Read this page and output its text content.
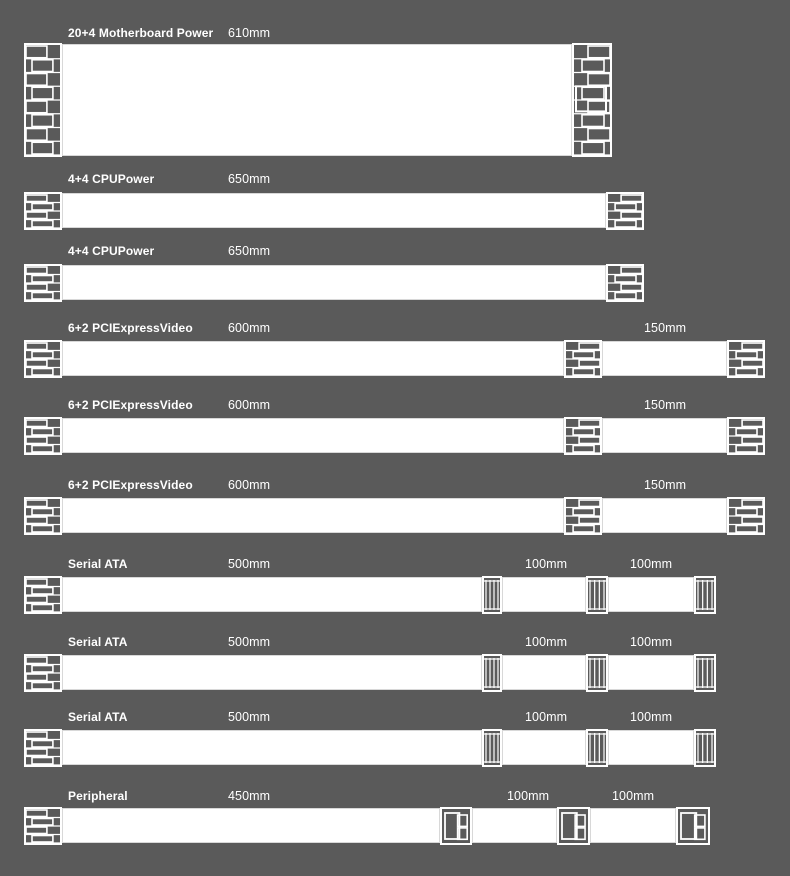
20+4 Motherboard Power 610mm
4+4 CPUPower	650mm
4+4 CPUPower	650mm
6+2 PCIExpressVideo	600mm	150mm
6+2 PCIExpressVideo	600mm	150mm
6+2 PCIExpressVideo	600mm	150mm
Serial ATA	500mm	100mm	100mm
Serial ATA	500mm	100mm	100mm
Serial ATA	500mm	100mm	100mm
Peripheral	450mm	100mm	100mm
